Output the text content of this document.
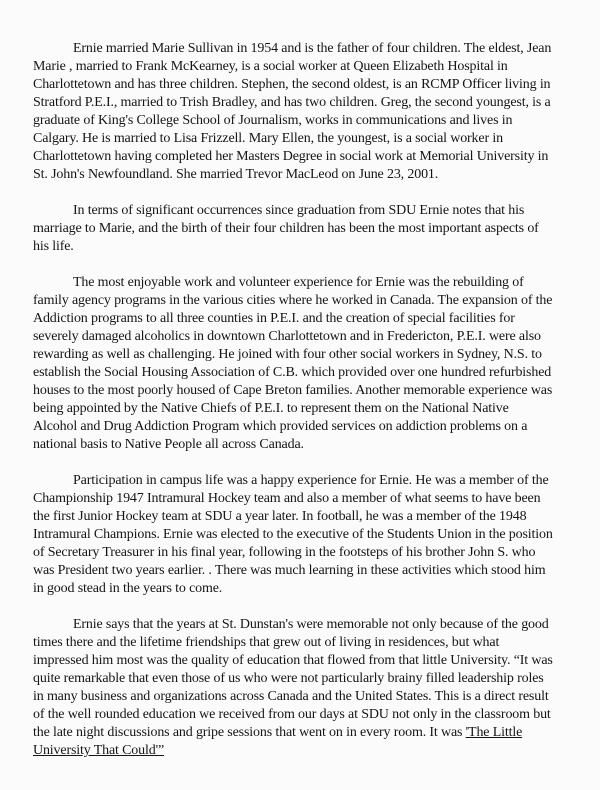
Ernie married Marie Sullivan in 1954 and is the father of four children. The eldest, Jean Marie , married to Frank McKearney, is a social worker at Queen Elizabeth Hospital in Charlottetown and has three children. Stephen, the second oldest, is an RCMP Officer living in Stratford P.E.I., married to Trish Bradley, and has two children. Greg, the second youngest, is a graduate of King's College School of Journalism, works in communications and lives in Calgary. He is married to Lisa Frizzell. Mary Ellen, the youngest, is a social worker in Charlottetown having completed her Masters Degree in social work at Memorial University in St. John's Newfoundland. She married Trevor MacLeod on June 23, 2001.

In terms of significant occurrences since graduation from SDU Ernie notes that his marriage to Marie, and the birth of their four children has been the most important aspects of his life.

The most enjoyable work and volunteer experience for Ernie was the rebuilding of family agency programs in the various cities where he worked in Canada. The expansion of the Addiction programs to all three counties in P.E.I. and the creation of special facilities for severely damaged alcoholics in downtown Charlottetown and in Fredericton, P.E.I. were also rewarding as well as challenging. He joined with four other social workers in Sydney, N.S. to establish the Social Housing Association of C.B. which provided over one hundred refurbished houses to the most poorly housed of Cape Breton families. Another memorable experience was being appointed by the Native Chiefs of P.E.I. to represent them on the National Native Alcohol and Drug Addiction Program which provided services on addiction problems on a national basis to Native People all across Canada.

Participation in campus life was a happy experience for Ernie. He was a member of the Championship 1947 Intramural Hockey team and also a member of what seems to have been the first Junior Hockey team at SDU a year later. In football, he was a member of the 1948 Intramural Champions. Ernie was elected to the executive of the Students Union in the position of Secretary Treasurer in his final year, following in the footsteps of his brother John S. who was President two years earlier. . There was much learning in these activities which stood him in good stead in the years to come.

Ernie says that the years at St. Dunstan's were memorable not only because of the good times there and the lifetime friendships that grew out of living in residences, but what impressed him most was the quality of education that flowed from that little University. “It was quite remarkable that even those of us who were not particularly brainy filled leadership roles in many business and organizations across Canada and the United States. This is a direct result of the well rounded education we received from our days at SDU not only in the classroom but the late night discussions and gripe sessions that went on in every room. It was 'The Little University That Could'”
